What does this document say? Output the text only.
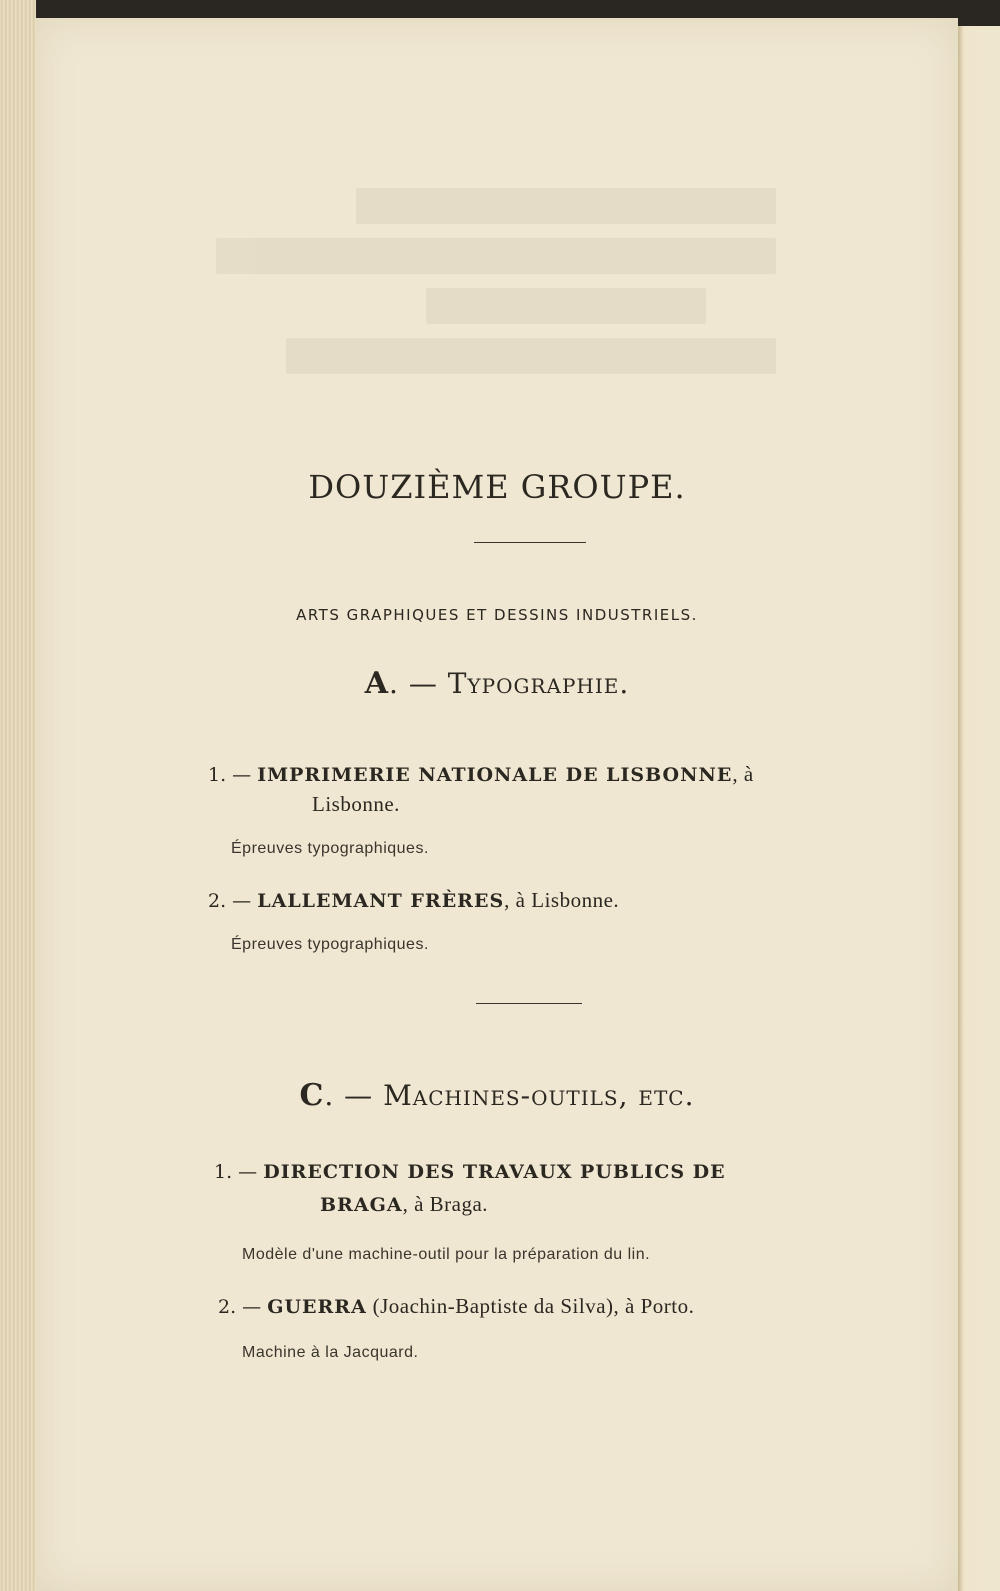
DOUZIÈME GROUPE.
ARTS GRAPHIQUES ET DESSINS INDUSTRIELS.
A. — Typographie.
1. — IMPRIMERIE NATIONALE DE LISBONNE, à
Lisbonne.
Épreuves typographiques.
2. — LALLEMANT FRÈRES, à Lisbonne.
Épreuves typographiques.
C. — Machines-outils, etc.
1. — DIRECTION DES TRAVAUX PUBLICS DE
BRAGA, à Braga.
Modèle d'une machine-outil pour la préparation du lin.
2. — GUERRA (Joachin-Baptiste da Silva), à Porto.
Machine à la Jacquard.
